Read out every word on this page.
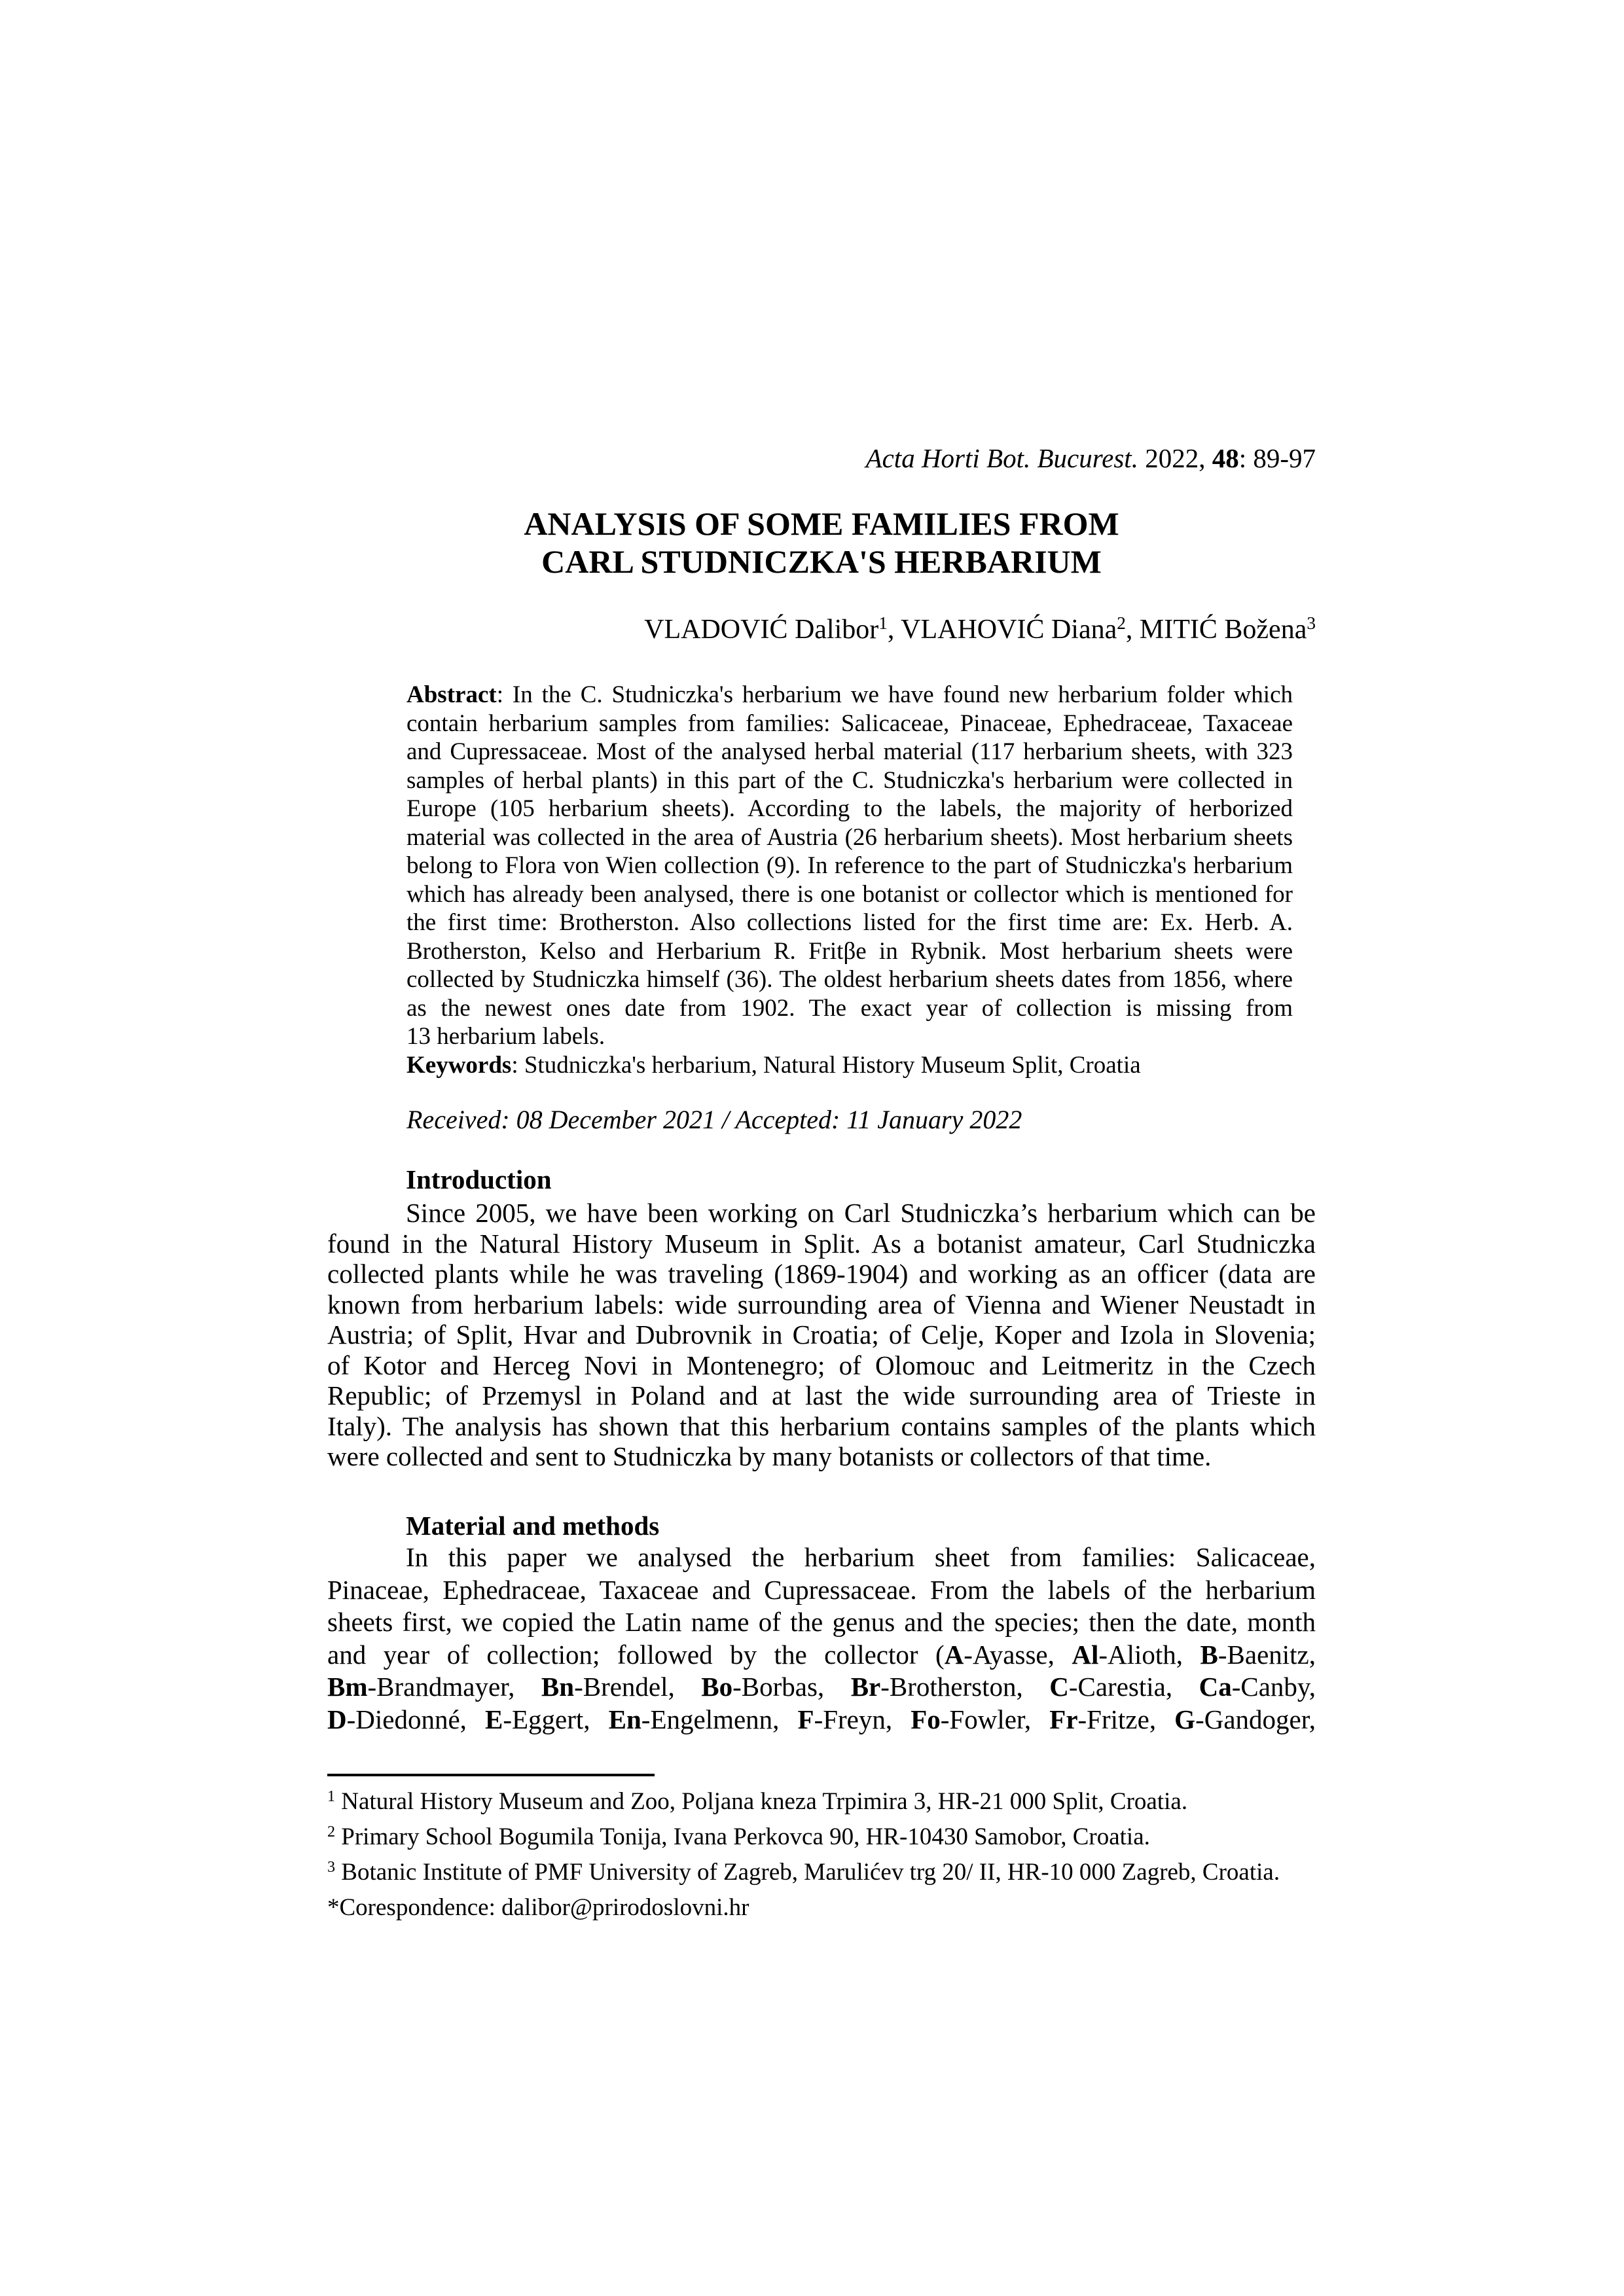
Acta Horti Bot. Bucurest. 2022, 48: 89-97
ANALYSIS OF SOME FAMILIES FROM
CARL STUDNICZKA'S HERBARIUM
VLADOVIĆ Dalibor$^1$, VLAHOVIĆ Diana$^2$, MITIĆ Božena$^3$
Abstract: In the C. Studniczka's herbarium we have found new herbarium folder which
contain herbarium samples from families: Salicaceae, Pinaceae, Ephedraceae, Taxaceae
and Cupressaceae. Most of the analysed herbal material (117 herbarium sheets, with 323
samples of herbal plants) in this part of the C. Studniczka's herbarium were collected in
Europe (105 herbarium sheets). According to the labels, the majority of herborized
material was collected in the area of Austria (26 herbarium sheets). Most herbarium sheets
belong to Flora von Wien collection (9). In reference to the part of Studniczka's herbarium
which has already been analysed, there is one botanist or collector which is mentioned for
the first time: Brotherston. Also collections listed for the first time are: Ex. Herb. A.
Brotherston, Kelso and Herbarium R. Fritβe in Rybnik. Most herbarium sheets were
collected by Studniczka himself (36). The oldest herbarium sheets dates from 1856, where
as the newest ones date from 1902. The exact year of collection is missing from
13 herbarium labels.
Keywords: Studniczka's herbarium, Natural History Museum Split, Croatia
Received: 08 December 2021 / Accepted: 11 January 2022
Introduction
Since 2005, we have been working on Carl Studniczka’s herbarium which can be
found in the Natural History Museum in Split. As a botanist amateur, Carl Studniczka
collected plants while he was traveling (1869-1904) and working as an officer (data are
known from herbarium labels: wide surrounding area of Vienna and Wiener Neustadt in
Austria; of Split, Hvar and Dubrovnik in Croatia; of Celje, Koper and Izola in Slovenia;
of Kotor and Herceg Novi in Montenegro; of Olomouc and Leitmeritz in the Czech
Republic; of Przemysl in Poland and at last the wide surrounding area of Trieste in
Italy). The analysis has shown that this herbarium contains samples of the plants which
were collected and sent to Studniczka by many botanists or collectors of that time.
Material and methods
In this paper we analysed the herbarium sheet from families: Salicaceae,
Pinaceae, Ephedraceae, Taxaceae and Cupressaceae. From the labels of the herbarium
sheets first, we copied the Latin name of the genus and the species; then the date, month
and year of collection; followed by the collector (A-Ayasse, Al-Alioth, B-Baenitz,
Bm-Brandmayer, Bn-Brendel, Bo-Borbas, Br-Brotherston, C-Carestia, Ca-Canby,
D-Diedonné, E-Eggert, En-Engelmenn, F-Freyn, Fo-Fowler, Fr-Fritze, G-Gandoger,
$^1$ Natural History Museum and Zoo, Poljana kneza Trpimira 3, HR-21 000 Split, Croatia.
$^2$ Primary School Bogumila Tonija, Ivana Perkovca 90, HR-10430 Samobor, Croatia.
$^3$ Botanic Institute of PMF University of Zagreb, Marulićev trg 20/ II, HR-10 000 Zagreb, Croatia.
*Corespondence: dalibor@prirodoslovni.hr
